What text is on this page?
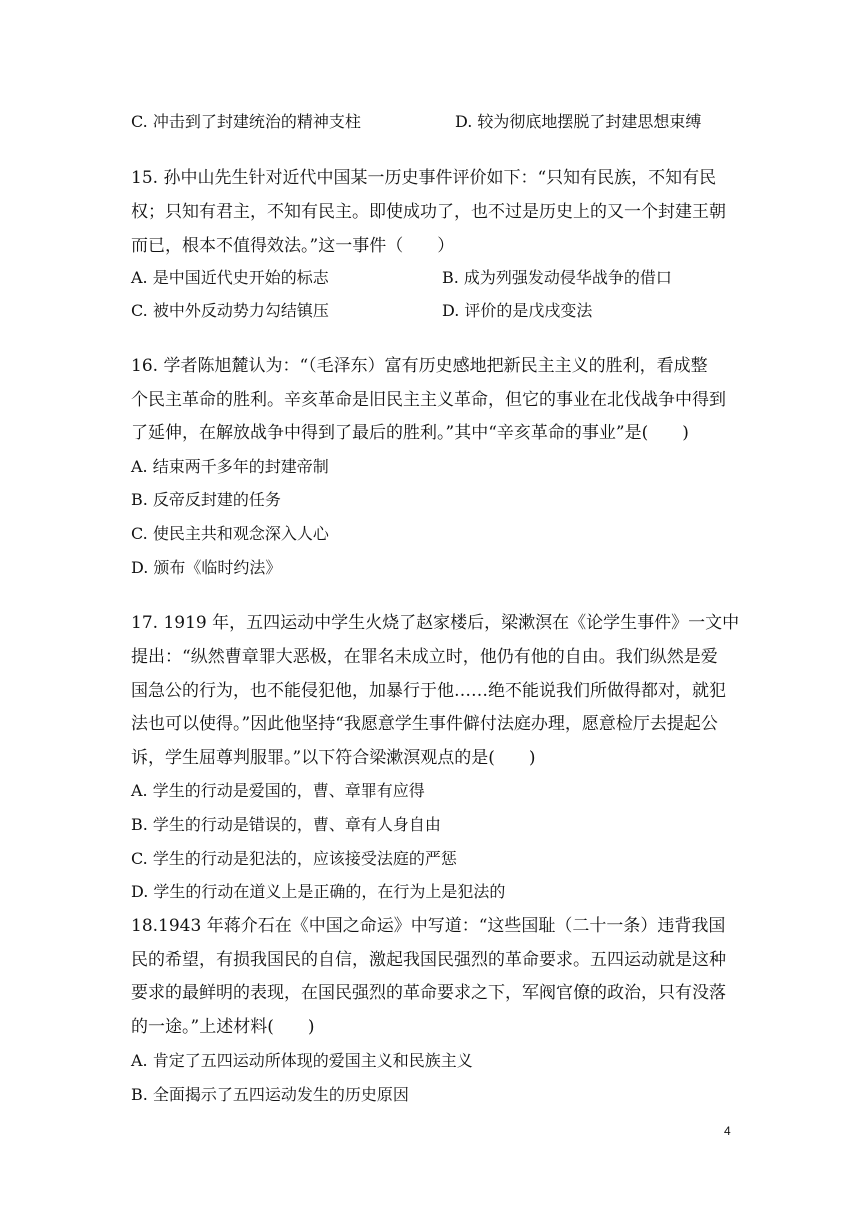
C. 冲击到了封建统治的精神支柱	D. 较为彻底地摆脱了封建思想束缚
15. 孙中山先生针对近代中国某一历史事件评价如下：“只知有民族，不知有民
权；只知有君主，不知有民主。即使成功了，也不过是历史上的又一个封建王朝
而已，根本不值得效法。”这一事件（　　）
A. 是中国近代史开始的标志	B. 成为列强发动侵华战争的借口
C. 被中外反动势力勾结镇压	D. 评价的是戊戌变法
16. 学者陈旭麓认为：“（毛泽东）富有历史感地把新民主主义的胜利，看成整
个民主革命的胜利。辛亥革命是旧民主主义革命，但它的事业在北伐战争中得到
了延伸，在解放战争中得到了最后的胜利。”其中“辛亥革命的事业”是(　　)
A. 结束两千多年的封建帝制
B. 反帝反封建的任务
C. 使民主共和观念深入人心
D. 颁布《临时约法》
17. 1919 年，五四运动中学生火烧了赵家楼后，梁漱溟在《论学生事件》一文中
提出：“纵然曹章罪大恶极，在罪名未成立时，他仍有他的自由。我们纵然是爱
国急公的行为，也不能侵犯他，加暴行于他……绝不能说我们所做得都对，就犯
法也可以使得。”因此他坚持“我愿意学生事件僻付法庭办理，愿意检厅去提起公
诉，学生屈尊判服罪。”以下符合梁漱溟观点的是(　　)
A. 学生的行动是爱国的，曹、章罪有应得
B. 学生的行动是错误的，曹、章有人身自由
C. 学生的行动是犯法的，应该接受法庭的严惩
D. 学生的行动在道义上是正确的，在行为上是犯法的
18.1943 年蒋介石在《中国之命运》中写道：“这些国耻（二十一条）违背我国
民的希望，有损我国民的自信，激起我国民强烈的革命要求。五四运动就是这种
要求的最鲜明的表现，在国民强烈的革命要求之下，军阀官僚的政治，只有没落
的一途。”上述材料(　　)
A. 肯定了五四运动所体现的爱国主义和民族主义
B. 全面揭示了五四运动发生的历史原因
4
